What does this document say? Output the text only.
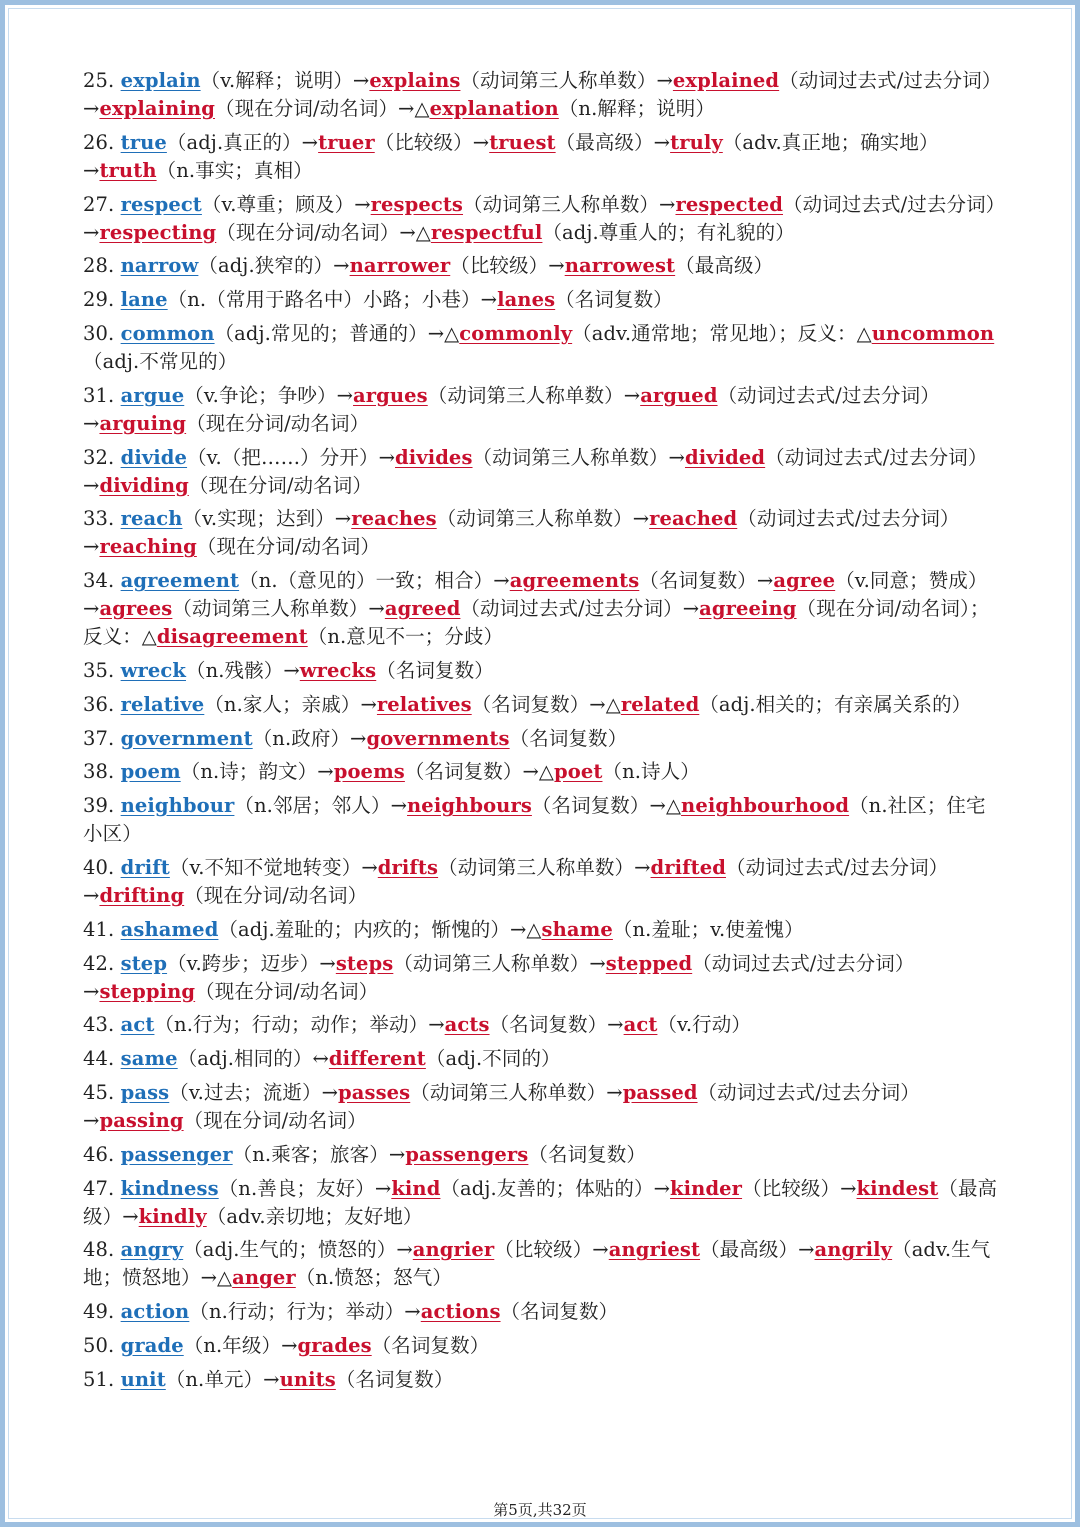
25. explain（v.解释；说明）→explains（动词第三人称单数）→explained（动词过去式/过去分词）→explaining（现在分词/动名词）→△explanation（n.解释；说明）
26. true（adj.真正的）→truer（比较级）→truest（最高级）→truly（adv.真正地；确实地）→truth（n.事实；真相）
27. respect（v.尊重；顾及）→respects（动词第三人称单数）→respected（动词过去式/过去分词）→respecting（现在分词/动名词）→△respectful（adj.尊重人的；有礼貌的）
28. narrow（adj.狭窄的）→narrower（比较级）→narrowest（最高级）
29. lane（n.（常用于路名中）小路；小巷）→lanes（名词复数）
30. common（adj.常见的；普通的）→△commonly（adv.通常地；常见地）；反义：△uncommon（adj.不常见的）
31. argue（v.争论；争吵）→argues（动词第三人称单数）→argued（动词过去式/过去分词）→arguing（现在分词/动名词）
32. divide（v.（把……）分开）→divides（动词第三人称单数）→divided（动词过去式/过去分词）→dividing（现在分词/动名词）
33. reach（v.实现；达到）→reaches（动词第三人称单数）→reached（动词过去式/过去分词）→reaching（现在分词/动名词）
34. agreement（n.（意见的）一致；相合）→agreements（名词复数）→agree（v.同意；赞成）→agrees（动词第三人称单数）→agreed（动词过去式/过去分词）→agreeing（现在分词/动名词）；反义：△disagreement（n.意见不一；分歧）
35. wreck（n.残骸）→wrecks（名词复数）
36. relative（n.家人；亲戚）→relatives（名词复数）→△related（adj.相关的；有亲属关系的）
37. government（n.政府）→governments（名词复数）
38. poem（n.诗；韵文）→poems（名词复数）→△poet（n.诗人）
39. neighbour（n.邻居；邻人）→neighbours（名词复数）→△neighbourhood（n.社区；住宅小区）
40. drift（v.不知不觉地转变）→drifts（动词第三人称单数）→drifted（动词过去式/过去分词）→drifting（现在分词/动名词）
41. ashamed（adj.羞耻的；内疚的；惭愧的）→△shame（n.羞耻；v.使羞愧）
42. step（v.跨步；迈步）→steps（动词第三人称单数）→stepped（动词过去式/过去分词）→stepping（现在分词/动名词）
43. act（n.行为；行动；动作；举动）→acts（名词复数）→act（v.行动）
44. same（adj.相同的）↔different（adj.不同的）
45. pass（v.过去；流逝）→passes（动词第三人称单数）→passed（动词过去式/过去分词）→passing（现在分词/动名词）
46. passenger（n.乘客；旅客）→passengers（名词复数）
47. kindness（n.善良；友好）→kind（adj.友善的；体贴的）→kinder（比较级）→kindest（最高级）→kindly（adv.亲切地；友好地）
48. angry（adj.生气的；愤怒的）→angrier（比较级）→angriest（最高级）→angrily（adv.生气地；愤怒地）→△anger（n.愤怒；怒气）
49. action（n.行动；行为；举动）→actions（名词复数）
50. grade（n.年级）→grades（名词复数）
51. unit（n.单元）→units（名词复数）
第5页,共32页
